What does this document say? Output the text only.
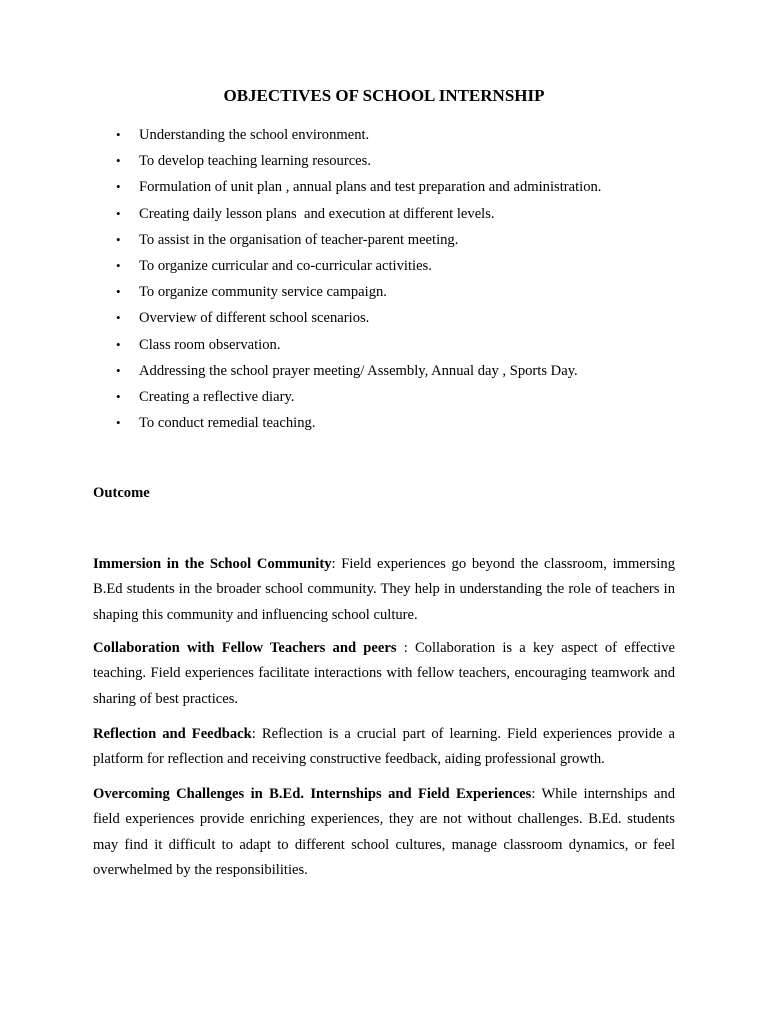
OBJECTIVES OF SCHOOL INTERNSHIP
• Understanding the school environment.
• To develop teaching learning resources.
• Formulation of unit plan , annual plans and test preparation and administration.
• Creating daily lesson plans  and execution at different levels.
• To assist in the organisation of teacher-parent meeting.
• To organize curricular and co-curricular activities.
• To organize community service campaign.
• Overview of different school scenarios.
• Class room observation.
• Addressing the school prayer meeting/ Assembly, Annual day , Sports Day.
• Creating a reflective diary.
• To conduct remedial teaching.
Outcome

Immersion in the School Community: Field experiences go beyond the classroom, immersing B.Ed students in the broader school community. They help in understanding the role of teachers in shaping this community and influencing school culture.

Collaboration with Fellow Teachers and peers : Collaboration is a key aspect of effective teaching. Field experiences facilitate interactions with fellow teachers, encouraging teamwork and sharing of best practices.

Reflection and Feedback: Reflection is a crucial part of learning. Field experiences provide a platform for reflection and receiving constructive feedback, aiding professional growth.

Overcoming Challenges in B.Ed. Internships and Field Experiences: While internships and field experiences provide enriching experiences, they are not without challenges. B.Ed. students may find it difficult to adapt to different school cultures, manage classroom dynamics, or feel overwhelmed by the responsibilities.
